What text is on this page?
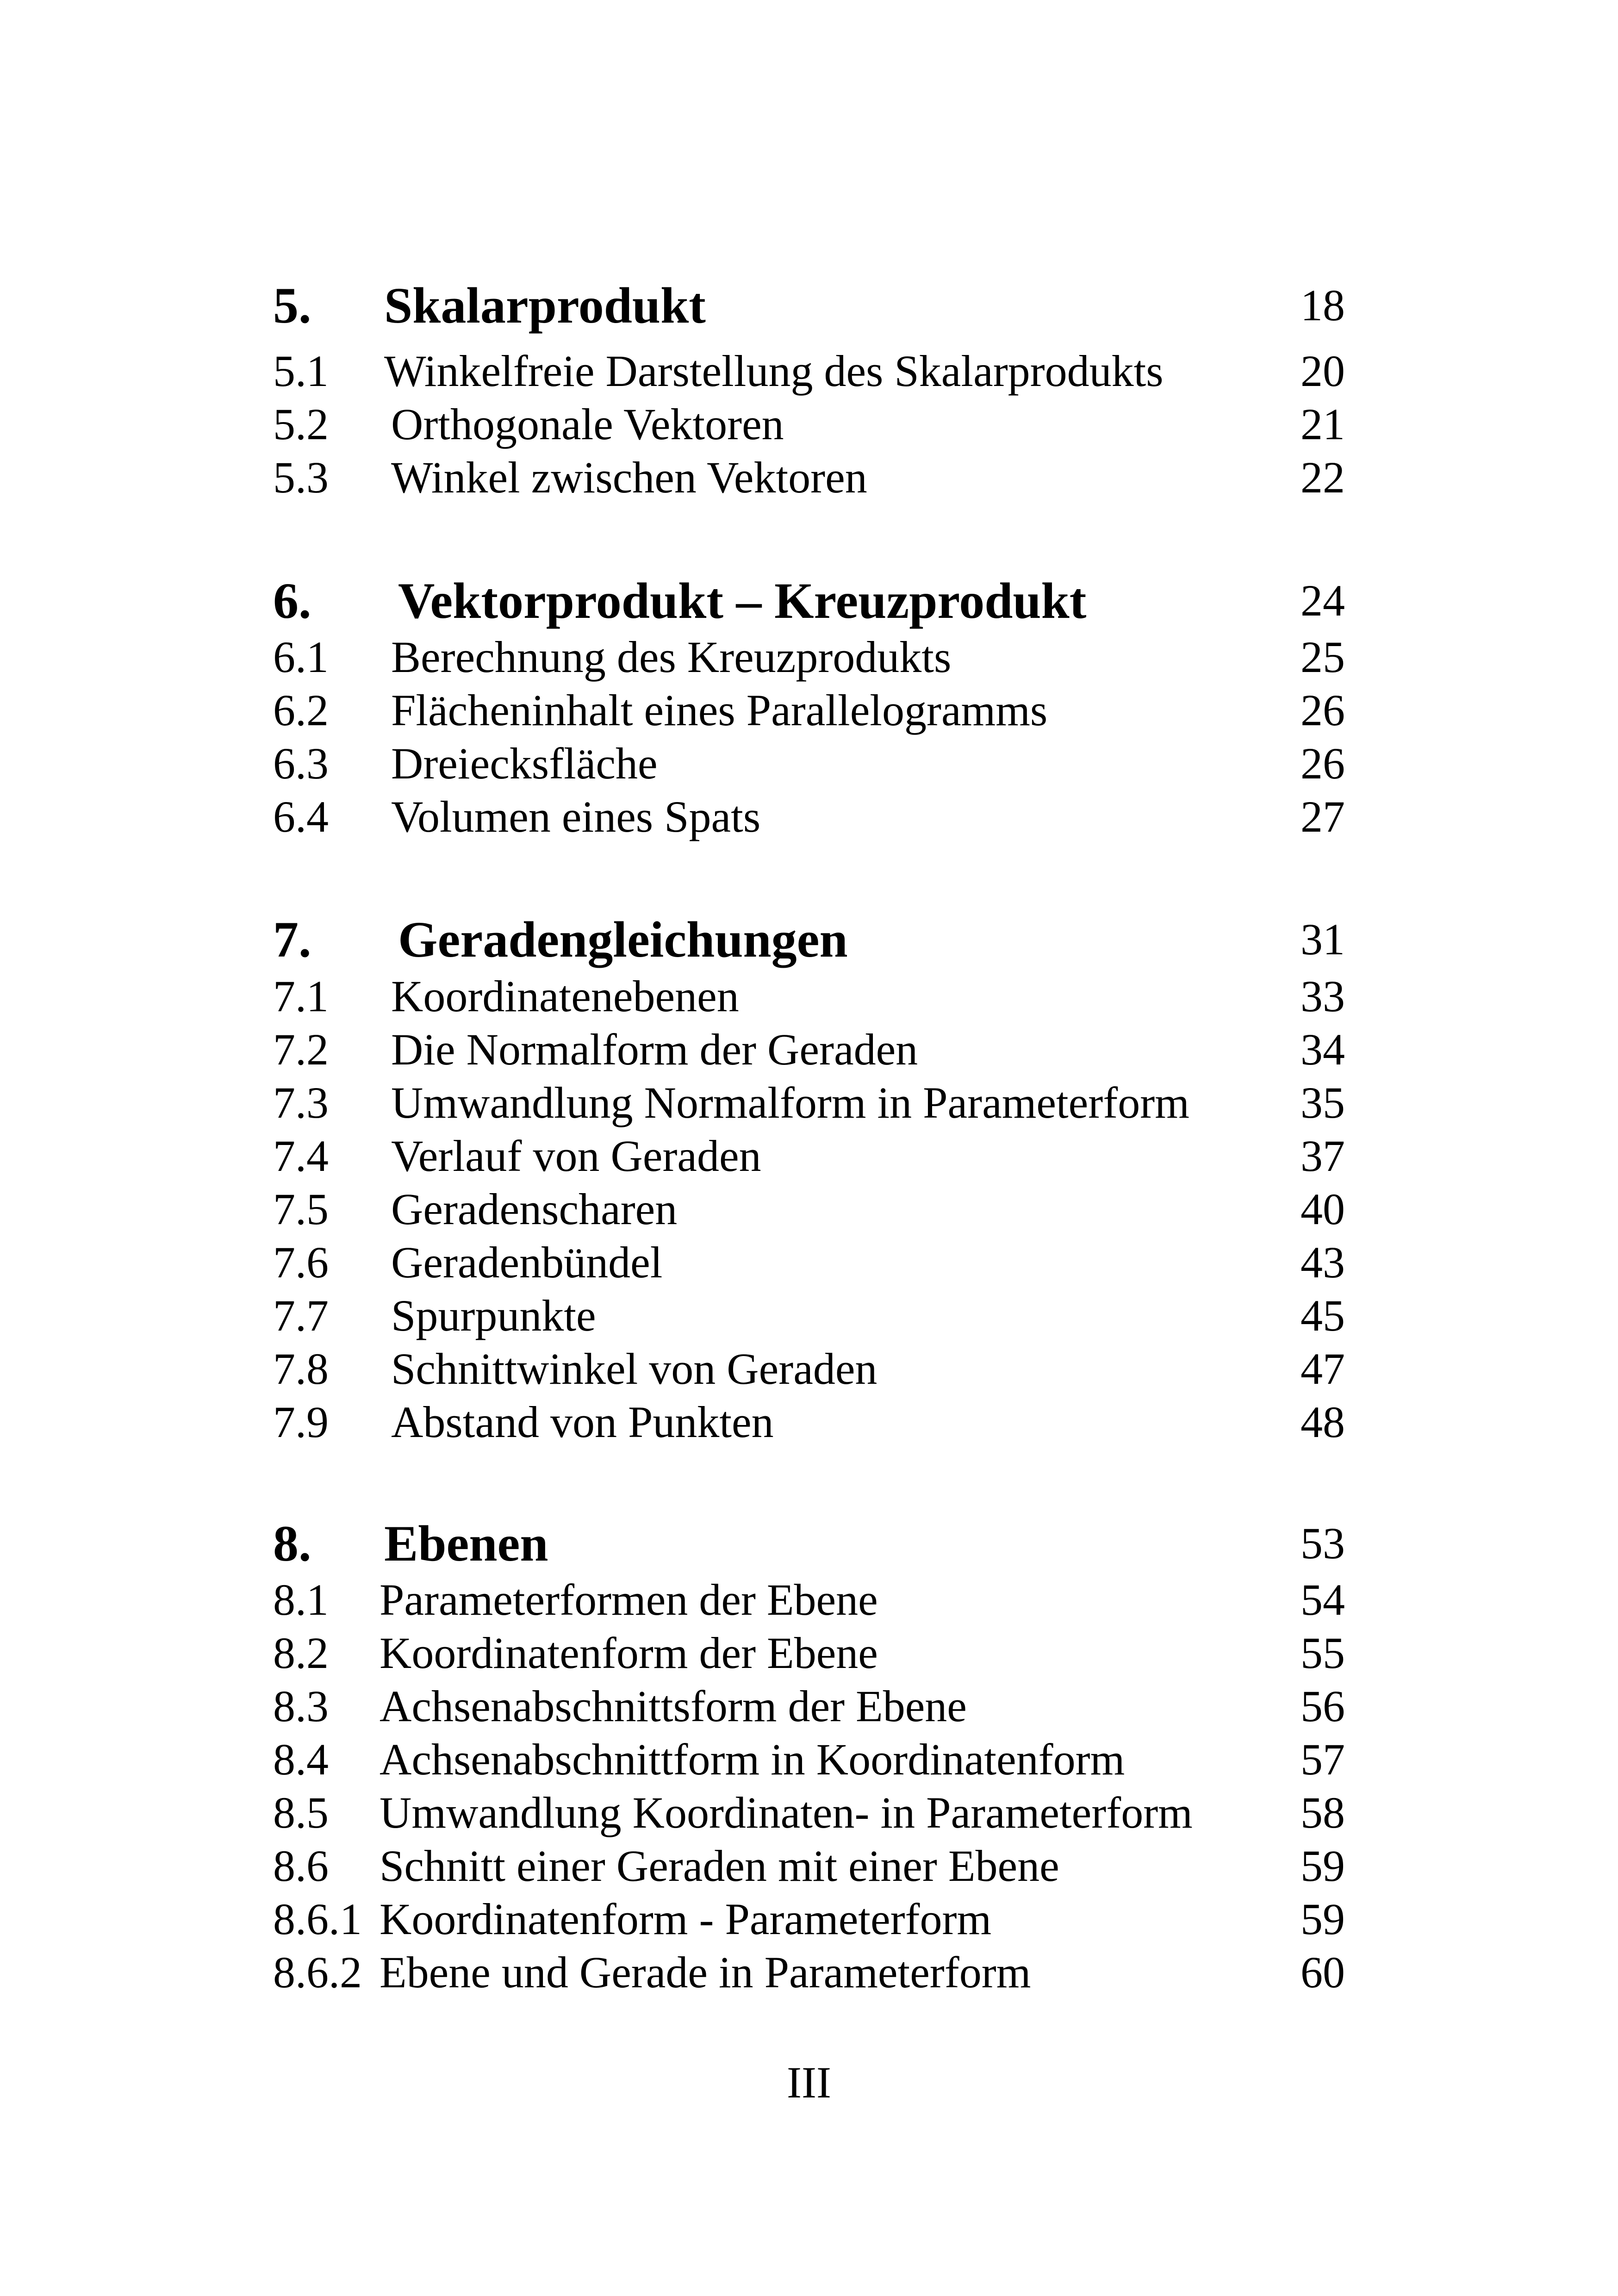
5. Skalarprodukt	18
5.1 Winkelfreie Darstellung des Skalarprodukts	20
5.2 Orthogonale Vektoren	21
5.3 Winkel zwischen Vektoren	22
6. Vektorprodukt – Kreuzprodukt	24
6.1 Berechnung des Kreuzprodukts	25
6.2 Flächeninhalt eines Parallelogramms	26
6.3 Dreiecksfläche	26
6.4 Volumen eines Spats	27
7. Geradengleichungen	31
7.1 Koordinatenebenen	33
7.2 Die Normalform der Geraden	34
7.3 Umwandlung Normalform in Parameterform	35
7.4 Verlauf von Geraden	37
7.5 Geradenscharen	40
7.6 Geradenbündel	43
7.7 Spurpunkte	45
7.8 Schnittwinkel von Geraden	47
7.9 Abstand von Punkten	48
8. Ebenen	53
8.1 Parameterformen der Ebene	54
8.2 Koordinatenform der Ebene	55
8.3 Achsenabschnittsform der Ebene	56
8.4 Achsenabschnittform in Koordinatenform	57
8.5 Umwandlung Koordinaten- in Parameterform 58
8.6 Schnitt einer Geraden mit einer Ebene	59
8.6.1 Koordinatenform - Parameterform	59
8.6.2 Ebene und Gerade in Parameterform	60
III
